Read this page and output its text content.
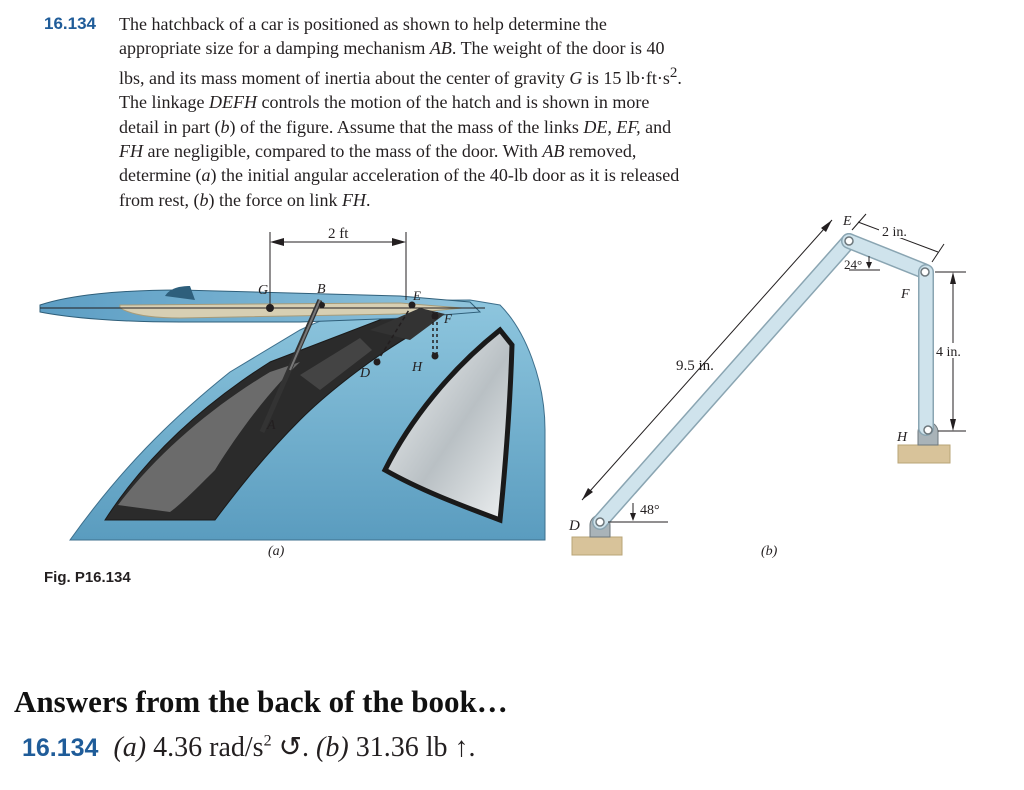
16.134 The hatchback of a car is positioned as shown to help determine the appropriate size for a damping mechanism AB. The weight of the door is 40 lbs, and its mass moment of inertia about the center of gravity G is 15 $lb\cdot ft\cdot s^2$. The linkage DEFH controls the motion of the hatch and is shown in more detail in part (b) of the figure. Assume that the mass of the links DE, EF, and FH are negligible, compared to the mass of the door. With AB removed, determine (a) the initial angular acceleration of the 40-lb door as it is released from rest, (b) the force on link FH.
2 ft
G	B	E
F
D	H
A
(a)
9.5 in.
48°
24°
2 in.
4 in.
D
E
F
H
(b)
Fig. P16.134
Answers from the back of the book…
16.134 (a) 4.36 rad/$s^2$ ↺. (b) 31.36 lb ↑.
